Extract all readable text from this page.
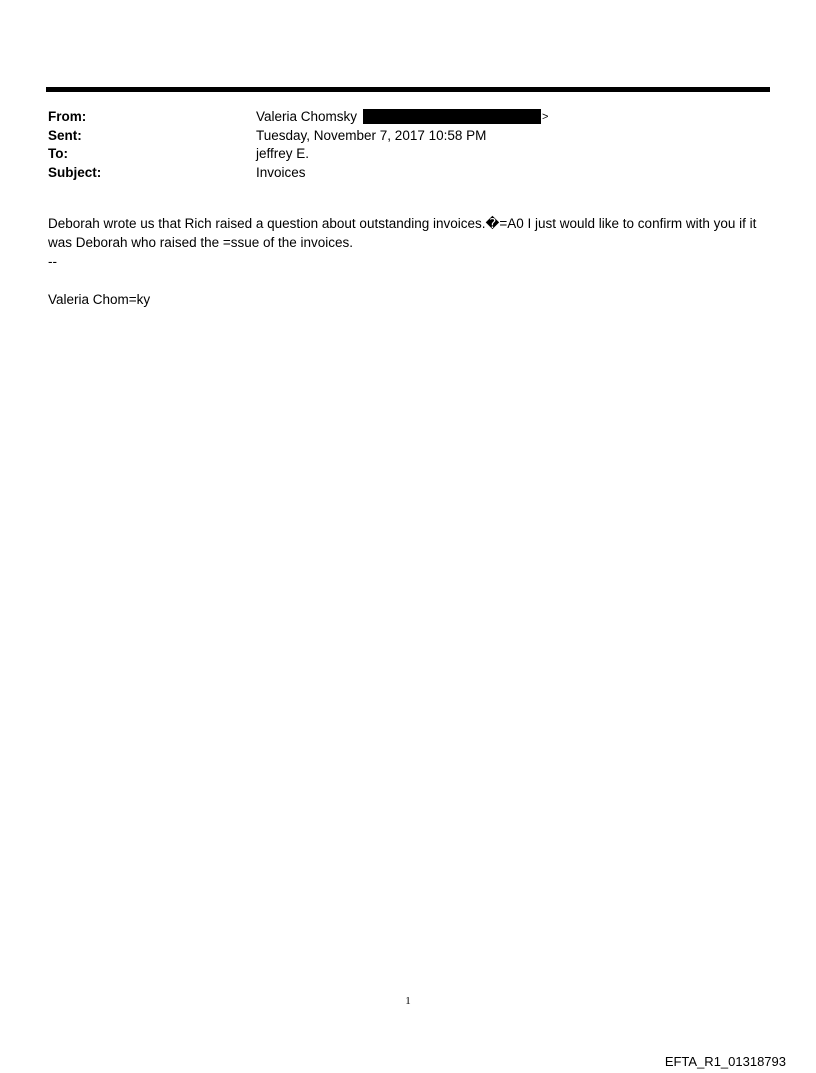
From:	Valeria Chomsky	>
Sent:	Tuesday, November 7, 2017 10:58 PM
To:	jeffrey E.
Subject:	Invoices

Deborah wrote us that Rich raised a question about outstanding invoices.�=A0 I just would like to confirm with you if it was Deborah who raised the =ssue of the invoices.

--

Valeria Chom=ky

1
EFTA_R1_01318793
